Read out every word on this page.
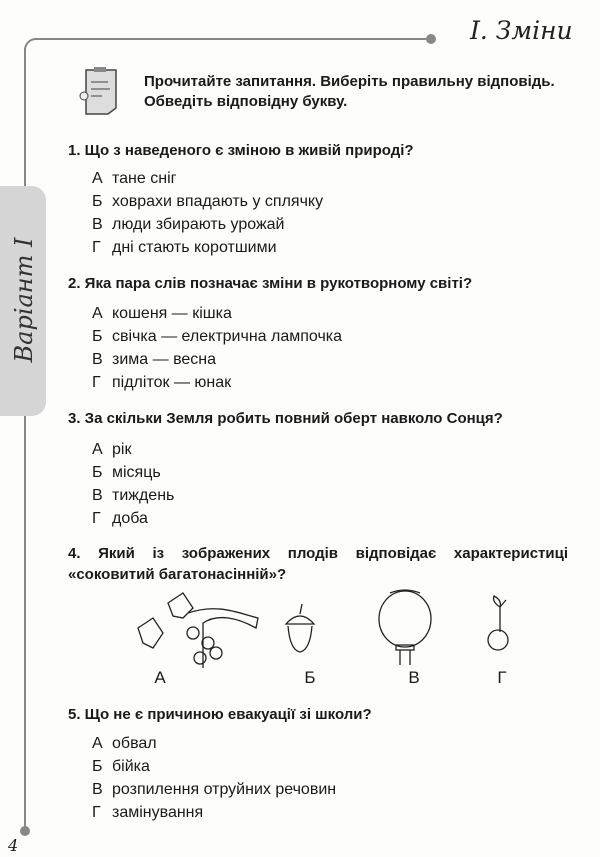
І. Зміни
Варіант І
Прочитайте запитання. Виберіть правильну відповідь. Обведіть відповідну букву.
1. Що з наведеного є зміною в живій природі?
А тане сніг
Б ховрахи впадають у сплячку
В люди збирають урожай
Г дні стають коротшими
2. Яка пара слів позначає зміни в рукотворному світі?
А кошеня — кішка
Б свічка — електрична лампочка
В зима — весна
Г підліток — юнак
3. За скільки Земля робить повний оберт навколо Сонця?
А рік
Б місяць
В тиждень
Г доба
4. Який із зображених плодів відповідає характеристиці «соковитий багатонасінній»?
А	Б	В	Г
5. Що не є причиною евакуації зі школи?
А обвал
Б бійка
В розпилення отруйних речовин
Г замінування
4
